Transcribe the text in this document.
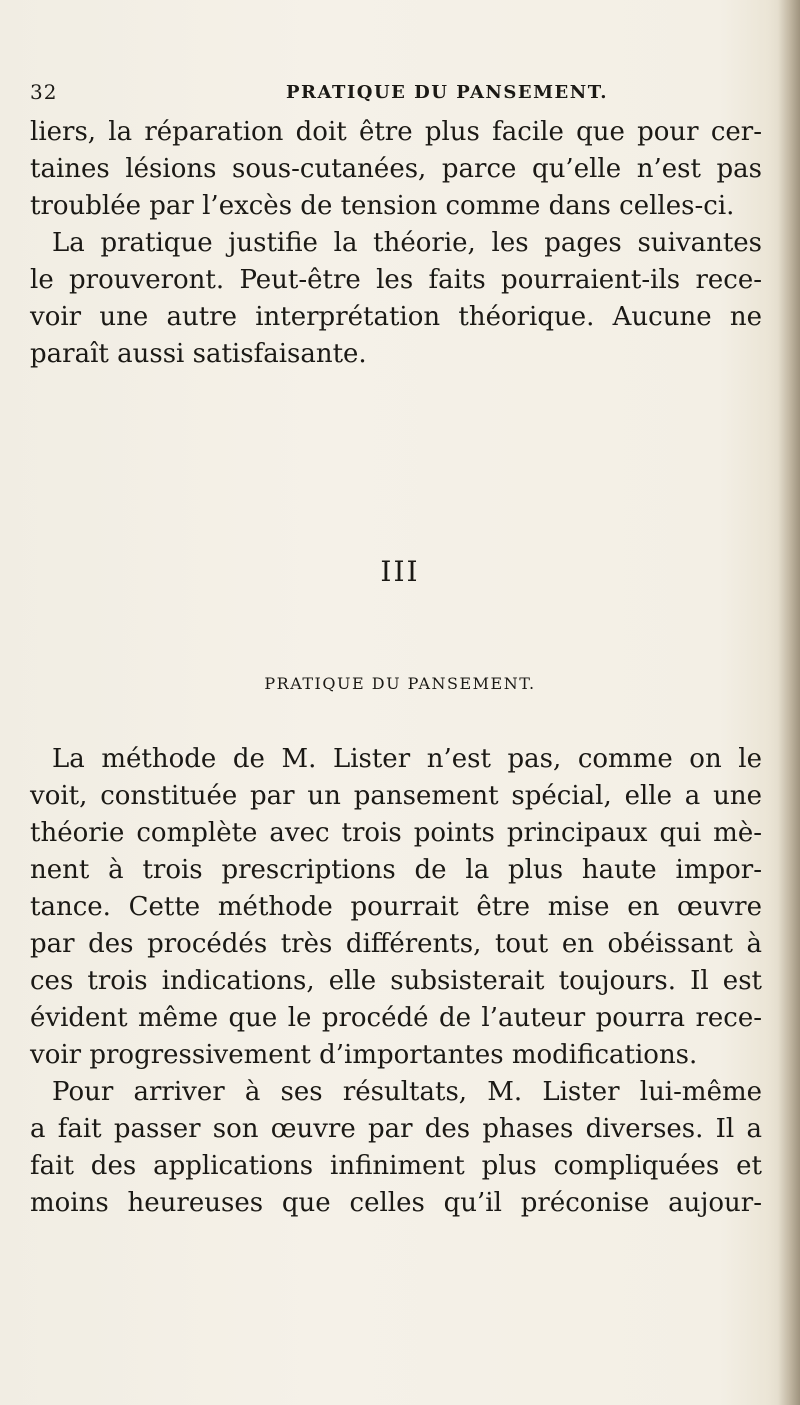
32	PRATIQUE DU PANSEMENT.
liers, la réparation doit être plus facile que pour cer-
taines lésions sous-cutanées, parce qu’elle n’est pas
troublée par l’excès de tension comme dans celles-ci.
La pratique justifie la théorie, les pages suivantes
le prouveront. Peut-être les faits pourraient-ils rece-
voir une autre interprétation théorique. Aucune ne
paraît aussi satisfaisante.
III
PRATIQUE DU PANSEMENT.
La méthode de M. Lister n’est pas, comme on le
voit, constituée par un pansement spécial, elle a une
théorie complète avec trois points principaux qui mè-
nent à trois prescriptions de la plus haute impor-
tance. Cette méthode pourrait être mise en œuvre
par des procédés très différents, tout en obéissant à
ces trois indications, elle subsisterait toujours. Il est
évident même que le procédé de l’auteur pourra rece-
voir progressivement d’importantes modifications.
Pour arriver à ses résultats, M. Lister lui-même
a fait passer son œuvre par des phases diverses. Il a
fait des applications infiniment plus compliquées et
moins heureuses que celles qu’il préconise aujour-
